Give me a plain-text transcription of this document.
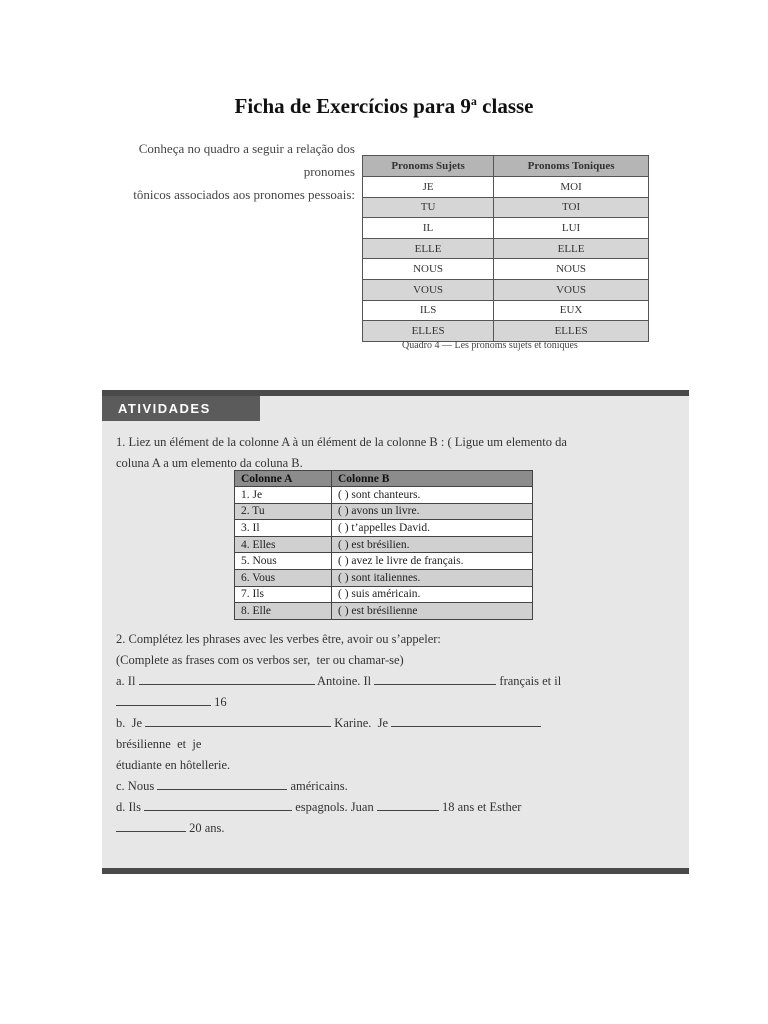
Ficha de Exercícios para 9$^a$ classe
Conheça no quadro a seguir a relação dos pronomes
tônicos associados aos pronomes pessoais:
Pronoms Sujets	Pronoms Toniques
JE	MOI
TU	TOI
IL	LUI
ELLE	ELLE
NOUS	NOUS
VOUS	VOUS
ILS	EUX
ELLES	ELLES
Quadro 4 — Les pronoms sujets et toniques
ATIVIDADES
1. Liez un élément de la colonne A à un élément de la colonne B : ( Ligue um elemento da
coluna A a um elemento da coluna B.
Colonne A	Colonne B
1. Je	( ) sont chanteurs.
2. Tu	( ) avons un livre.
3. Il	( ) t’appelles David.
4. Elles	( ) est brésilien.
5. Nous	( ) avez le livre de français.
6. Vous	( ) sont italiennes.
7. Ils	( ) suis américain.
8. Elle	( ) est brésilienne
2. Complétez les phrases avec les verbes être, avoir ou s’appeler:
(Complete as frases com os verbos ser,  ter ou chamar-se)
a. Il	Antoine. Il	français et il
16
b.  Je	Karine.  Je
brésilienne  et  je
étudiante en hôtellerie.
c. Nous	américains.
d. Ils	espagnols. Juan	18 ans et Esther
20 ans.
